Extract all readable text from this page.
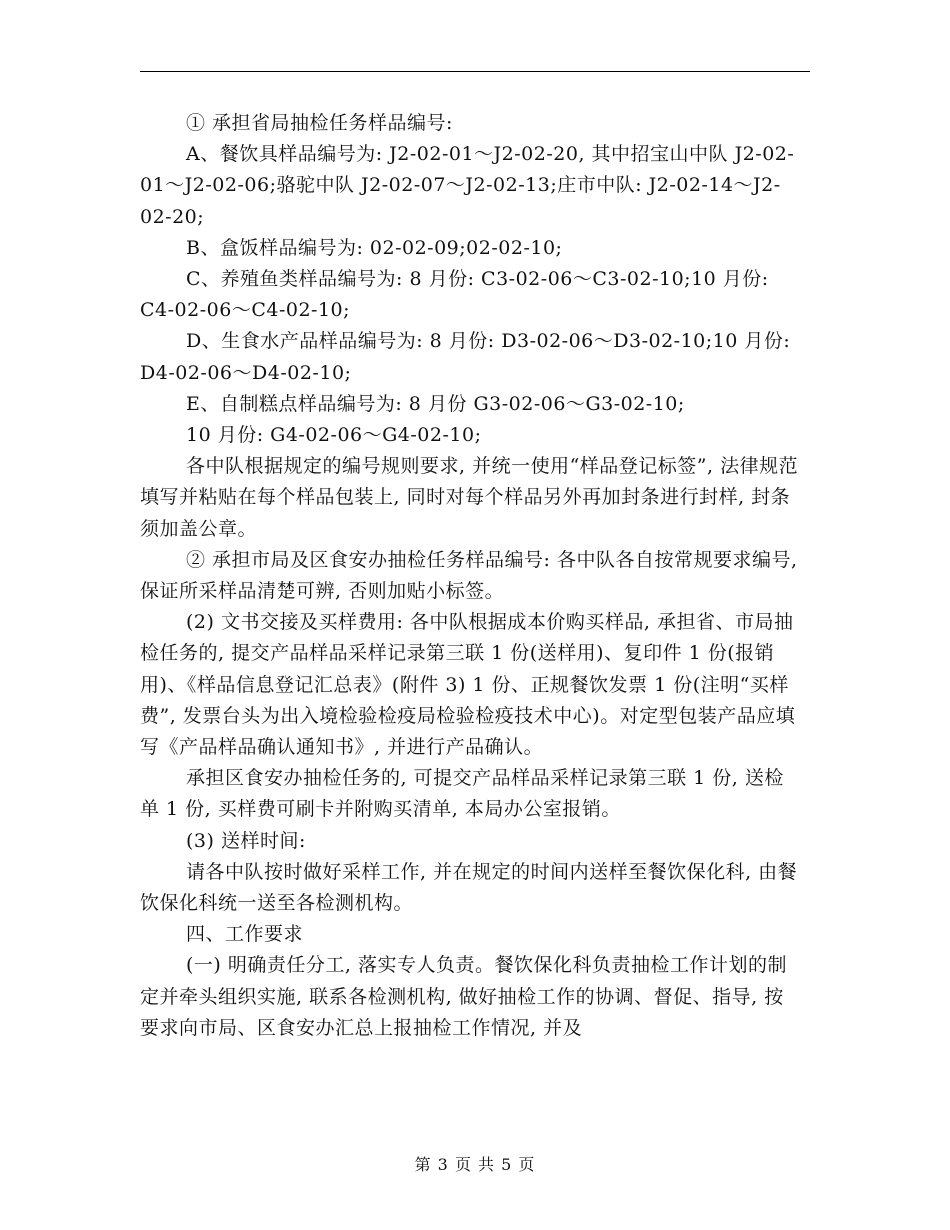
① 承担省局抽检任务样品编号:

A、餐饮具样品编号为: J2-02-01～J2-02-20, 其中招宝山中队 J2-02-01～J2-02-06;骆驼中队 J2-02-07～J2-02-13;庄市中队: J2-02-14～J2-02-20;

B、盒饭样品编号为: 02-02-09;02-02-10;

C、养殖鱼类样品编号为: 8 月份: C3-02-06～C3-02-10;10 月份: C4-02-06～C4-02-10;

D、生食水产品样品编号为: 8 月份: D3-02-06～D3-02-10;10 月份: D4-02-06～D4-02-10;

E、自制糕点样品编号为: 8 月份 G3-02-06～G3-02-10;

10 月份: G4-02-06～G4-02-10;

各中队根据规定的编号规则要求, 并统一使用“样品登记标签”, 法律规范填写并粘贴在每个样品包装上, 同时对每个样品另外再加封条进行封样, 封条须加盖公章。

② 承担市局及区食安办抽检任务样品编号: 各中队各自按常规要求编号, 保证所采样品清楚可辨, 否则加贴小标签。

(2) 文书交接及买样费用: 各中队根据成本价购买样品, 承担省、市局抽检任务的, 提交产品样品采样记录第三联 1 份(送样用)、复印件 1 份(报销用)、《样品信息登记汇总表》(附件 3) 1 份、正规餐饮发票 1 份(注明“买样费”, 发票台头为出入境检验检疫局检验检疫技术中心)。对定型包装产品应填写《产品样品确认通知书》, 并进行产品确认。

承担区食安办抽检任务的, 可提交产品样品采样记录第三联 1 份, 送检单 1 份, 买样费可刷卡并附购买清单, 本局办公室报销。

(3) 送样时间:

请各中队按时做好采样工作, 并在规定的时间内送样至餐饮保化科, 由餐饮保化科统一送至各检测机构。

四、工作要求

(一) 明确责任分工, 落实专人负责。餐饮保化科负责抽检工作计划的制定并牵头组织实施, 联系各检测机构, 做好抽检工作的协调、督促、指导, 按要求向市局、区食安办汇总上报抽检工作情况, 并及

第 3 页 共 5 页
